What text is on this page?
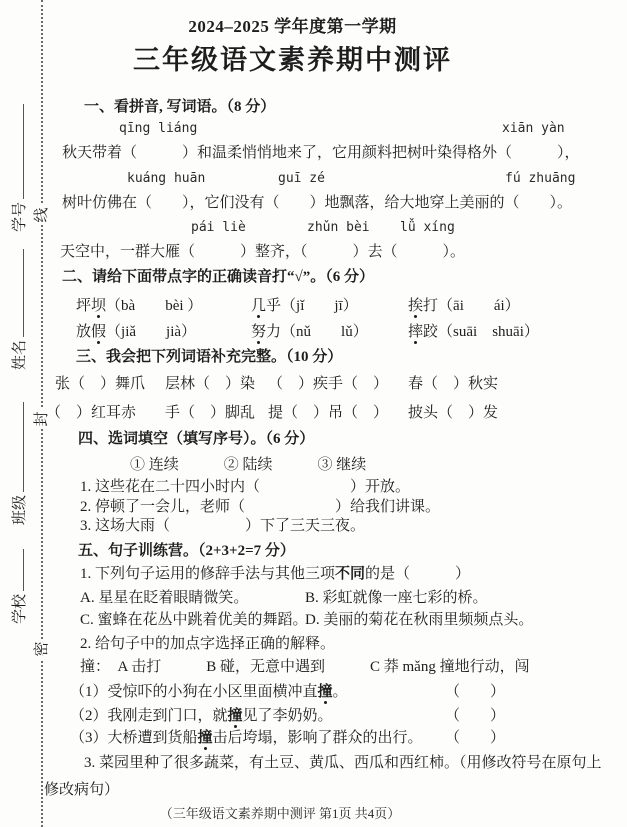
线
封
密
学号
姓名
班级
学校
2024–2025 学年度第一学期
三年级语文素养期中测评
一、看拼音, 写词语。（8 分）
qīng liáng	xiān yàn
秋天带着（　　　）和温柔悄悄地来了，它用颜料把树叶染得格外（　　　），
kuáng huān	guī zé	fú zhuāng
树叶仿佛在（　　），它们没有（　　）地飘落，给大地穿上美丽的（　　）。
pái liè	zhǔn bèi lǚ xíng
天空中，一群大雁（　　　）整齐，（　　　）去（　　　）。
二、请给下面带点字的正确读音打“√”。（6 分）
坪坝（bà　　bèi ）	几乎（jǐ　　jī）	挨打（āi　　ái）
放假（jiǎ　　jià）	努力（nǔ　　lǔ）	摔跤（suāi　shuāi）
三、我会把下列词语补充完整。（10 分）
张（　）舞爪 层林（　）染 （　）疾手（　） 春（　）秋实
（　）红耳赤 手（　）脚乱 提（　）吊（　） 披头（　）发
四、选词填空（填写序号）。（6 分）
① 连续　　　② 陆续　　　③ 继续
1. 这些花在二十四小时内（　　　　　　）开放。
2. 停顿了一会儿，老师（　　　　　　）给我们讲课。
3. 这场大雨（　　　　　）下了三天三夜。
五、句子训练营。（2+3+2=7 分）
1. 下列句子运用的修辞手法与其他三项不同的是（　　　）
A. 星星在眨着眼睛微笑。	B. 彩虹就像一座七彩的桥。
C. 蜜蜂在花丛中跳着优美的舞蹈。
D. 美丽的菊花在秋雨里频频点头。
2. 给句子中的加点字选择正确的解释。
撞：　A 击打　　　B 碰，无意中遇到　　　C 莽 mǎng 撞地行动，闯
（1）受惊吓的小狗在小区里面横冲直撞。	（　　）
（2）我刚走到门口，就撞见了李奶奶。	（　　）
（3）大桥遭到货船撞击后垮塌，影响了群众的出行。 （　　）
3. 菜园里种了很多蔬菜，有土豆、黄瓜、西瓜和西红柿。（用修改符号在原句上
修改病句）
（三年级语文素养期中测评 第1页 共4页）
